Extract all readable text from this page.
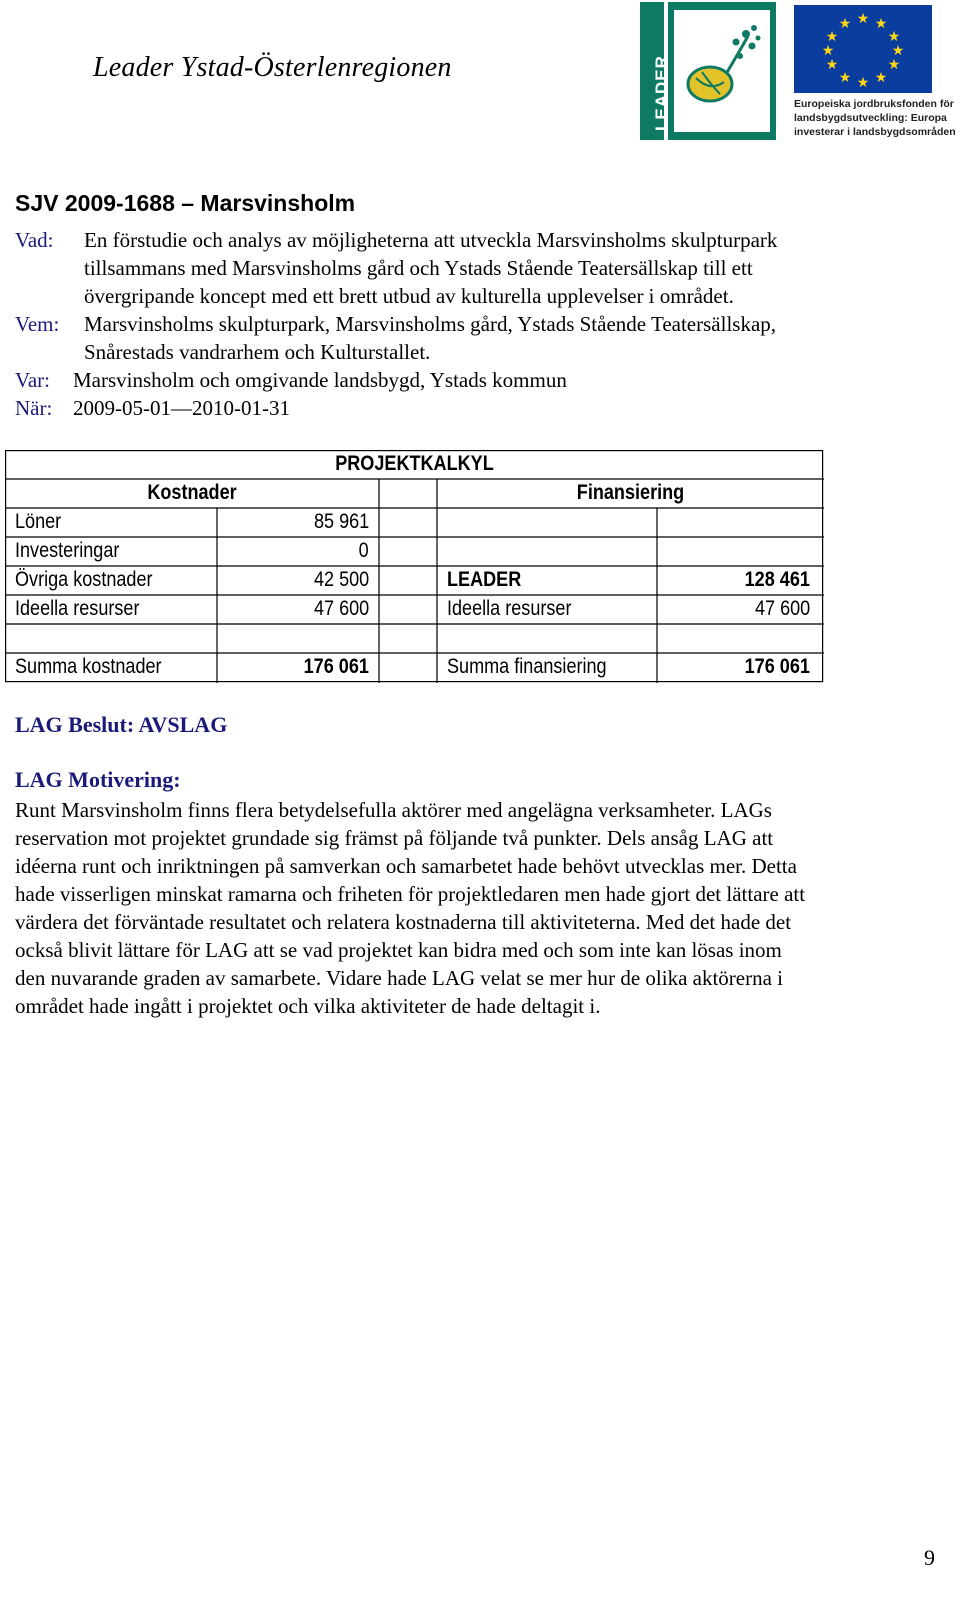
Leader Ystad-Österlenregionen
★ ★
★
★
★
★
★
★
★
★
★
★
Europeiska jordbruksfonden för
landsbygdsutveckling: Europa
investerar i landsbygdsområden
SJV 2009-1688 – Marsvinsholm
Vad: En förstudie och analys av möjligheterna att utveckla Marsvinsholms skulpturpark
tillsammans med Marsvinsholms gård och Ystads Stående Teatersällskap till ett
övergripande koncept med ett brett utbud av kulturella upplevelser i området.
Vem: Marsvinsholms skulpturpark, Marsvinsholms gård, Ystads Stående Teatersällskap,
Snårestads vandrarhem och Kulturstallet.
Var: Marsvinsholm och omgivande landsbygd, Ystads kommun
När: 2009-05-01—2010-01-31
PROJEKTKALKYL
Kostnader	Finansiering
Löner	85 961
Investeringar	0
Övriga kostnader	42 500	LEADER	128 461
Ideella resurser	47 600	Ideella resurser	47 600
Summa kostnader	176 061	Summa finansiering	176 061
LAG Beslut: AVSLAG
LAG Motivering:
Runt Marsvinsholm finns flera betydelsefulla aktörer med angelägna verksamheter. LAGs
reservation mot projektet grundade sig främst på följande två punkter. Dels ansåg LAG att
idéerna runt och inriktningen på samverkan och samarbetet hade behövt utvecklas mer. Detta
hade visserligen minskat ramarna och friheten för projektledaren men hade gjort det lättare att
värdera det förväntade resultatet och relatera kostnaderna till aktiviteterna. Med det hade det
också blivit lättare för LAG att se vad projektet kan bidra med och som inte kan lösas inom
den nuvarande graden av samarbete. Vidare hade LAG velat se mer hur de olika aktörerna i
området hade ingått i projektet och vilka aktiviteter de hade deltagit i.
9
